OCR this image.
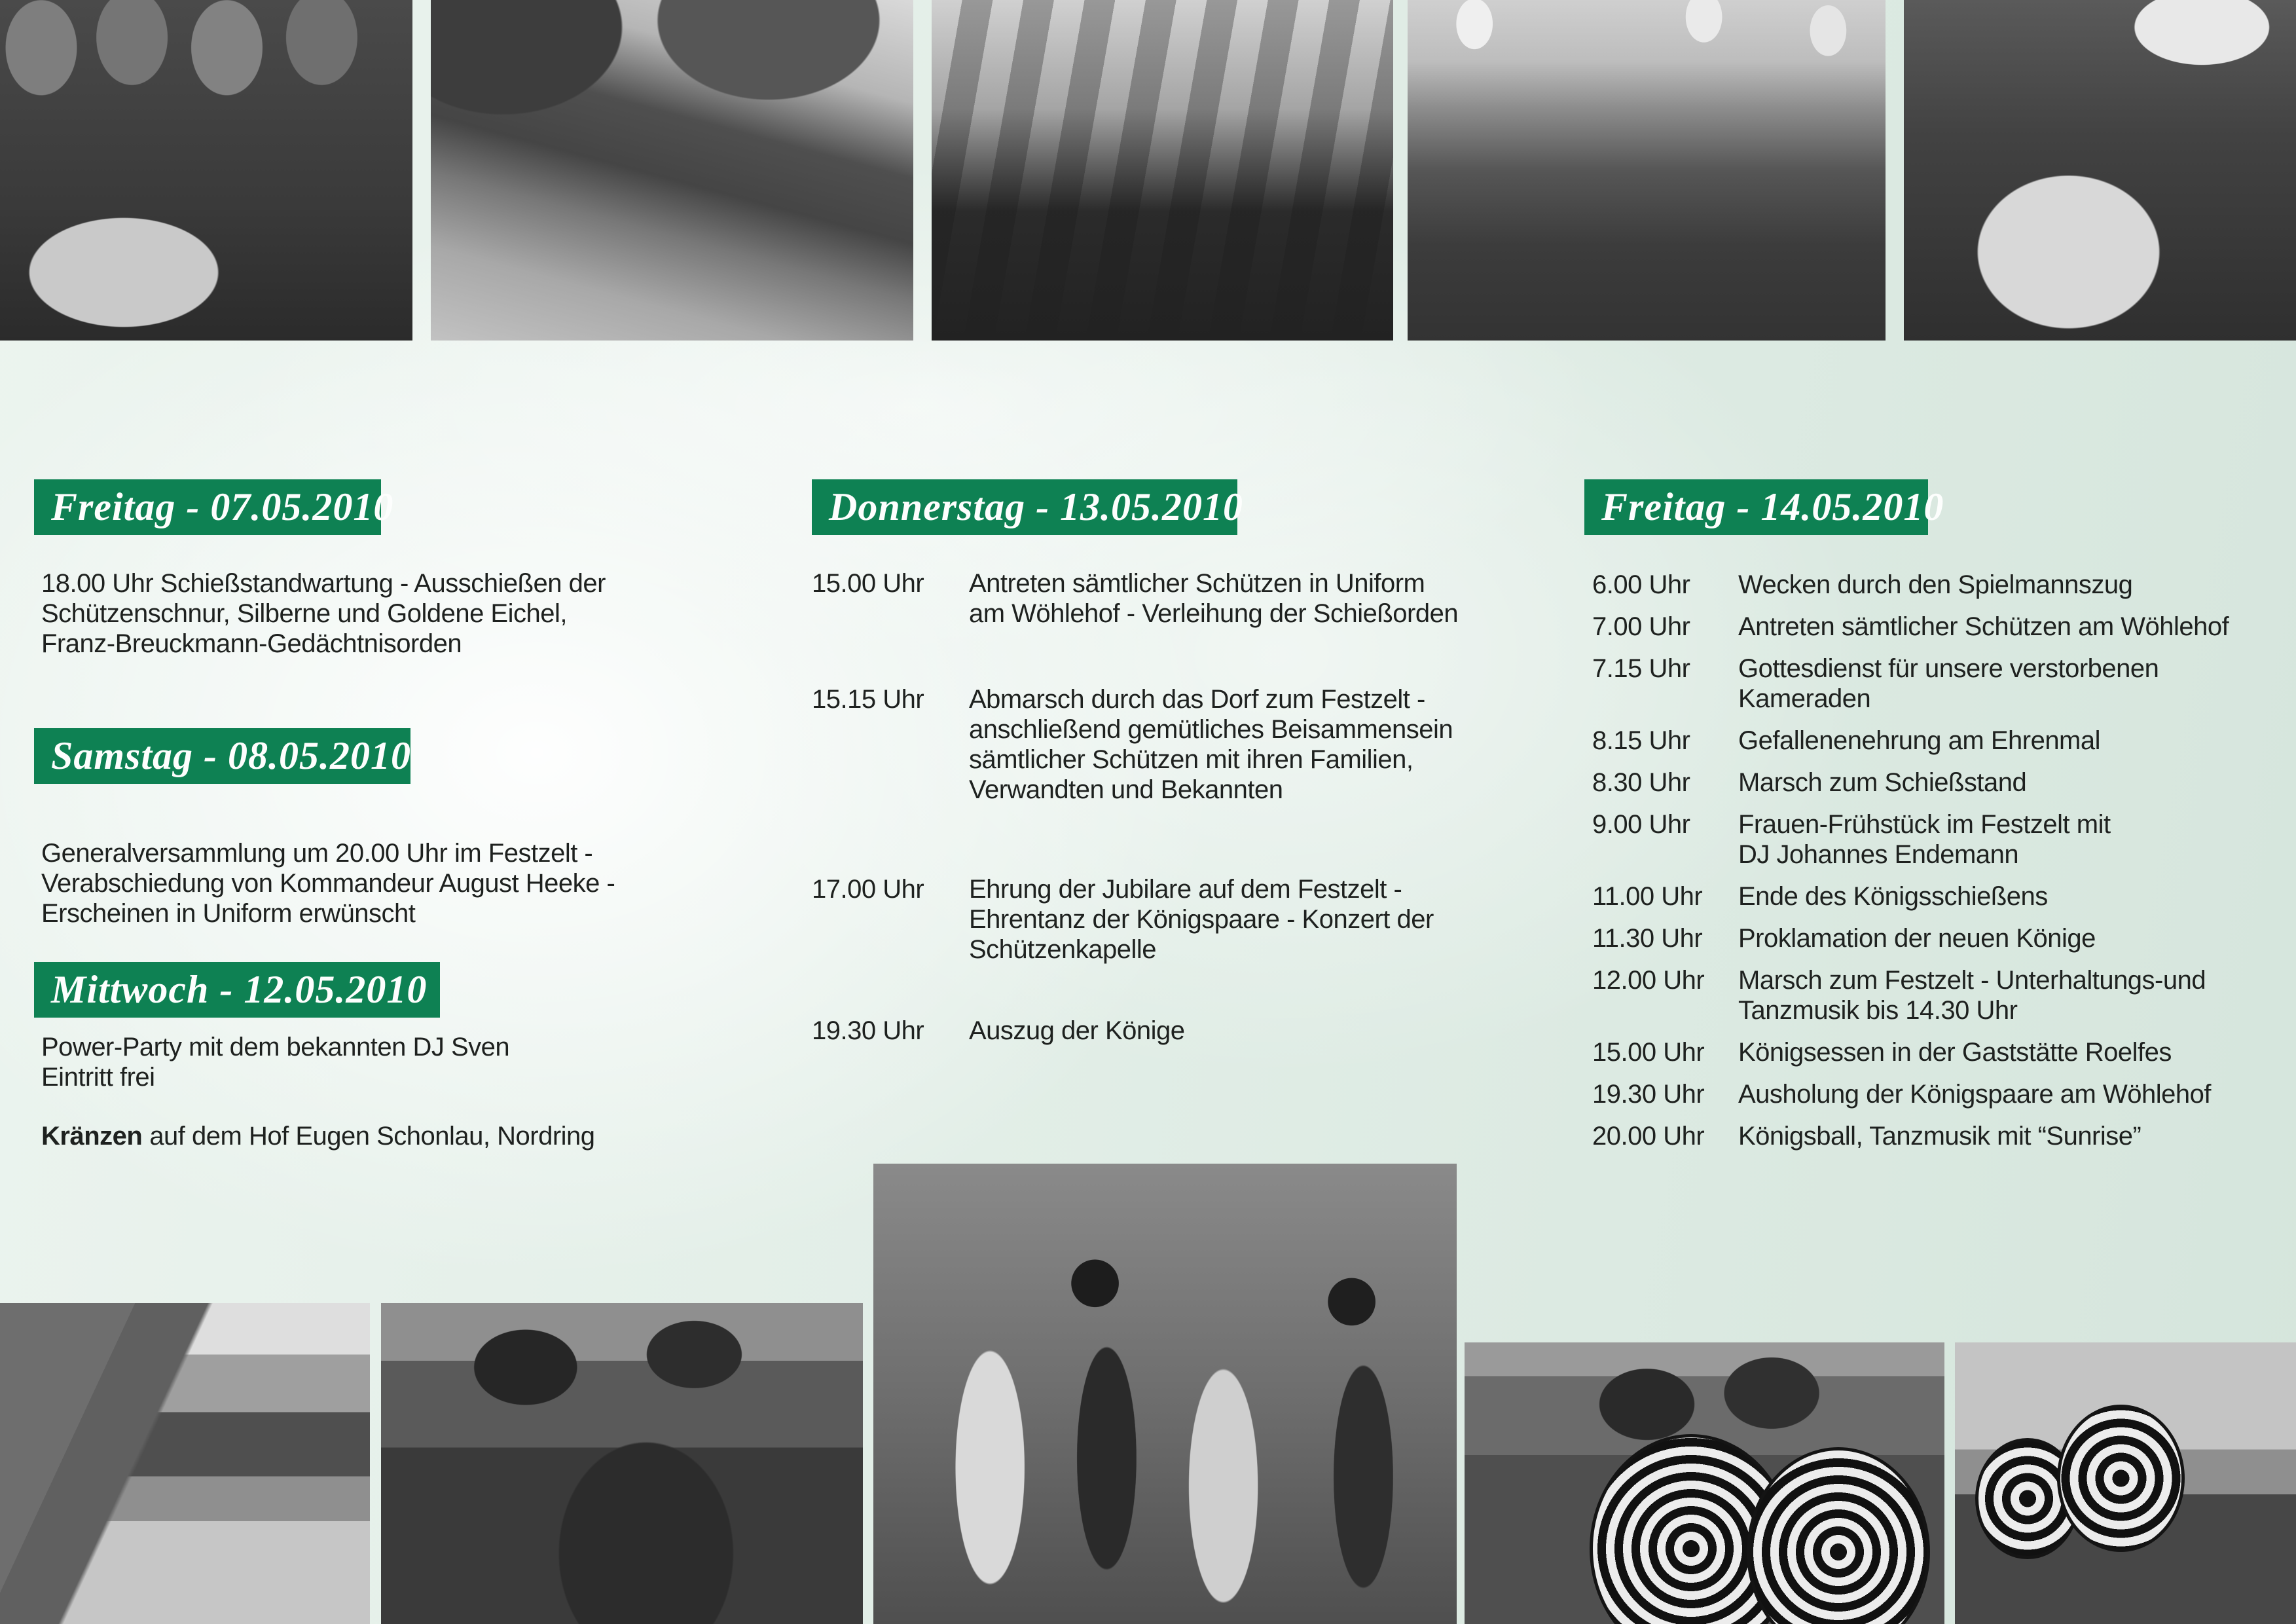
Freitag - 07.05.2010
18.00 Uhr Schießstandwartung - Ausschießen der
Schützenschnur, Silberne und Goldene Eichel,
Franz-Breuckmann-Gedächtnisorden
Samstag - 08.05.2010
Generalversammlung um 20.00 Uhr im Festzelt -
Verabschiedung von Kommandeur August Heeke -
Erscheinen in Uniform erwünscht
Mittwoch - 12.05.2010
Power-Party mit dem bekannten DJ Sven
Eintritt frei
Kränzen auf dem Hof Eugen Schonlau, Nordring
Donnerstag - 13.05.2010
15.00 Uhr Antreten sämtlicher Schützen in Uniform
am Wöhlehof - Verleihung der Schießorden
15.15 Uhr Abmarsch durch das Dorf zum Festzelt -
anschließend gemütliches Beisammensein
sämtlicher Schützen mit ihren Familien,
Verwandten und Bekannten
17.00 Uhr Ehrung der Jubilare auf dem Festzelt -
Ehrentanz der Königspaare - Konzert der
Schützenkapelle
19.30 Uhr Auszug der Könige
Freitag - 14.05.2010
6.00 Uhr Wecken durch den Spielmannszug
7.00 Uhr Antreten sämtlicher Schützen am Wöhlehof
7.15 Uhr Gottesdienst für unsere verstorbenen
Kameraden
8.15 Uhr Gefallenenehrung am Ehrenmal
8.30 Uhr Marsch zum Schießstand
9.00 Uhr Frauen-Frühstück im Festzelt mit
DJ Johannes Endemann
11.00 Uhr Ende des Königsschießens
11.30 Uhr Proklamation der neuen Könige
12.00 Uhr Marsch zum Festzelt - Unterhaltungs-und
Tanzmusik bis 14.30 Uhr
15.00 Uhr Königsessen in der Gaststätte Roelfes
19.30 Uhr Ausholung der Königspaare am Wöhlehof
20.00 Uhr Königsball, Tanzmusik mit “Sunrise”
